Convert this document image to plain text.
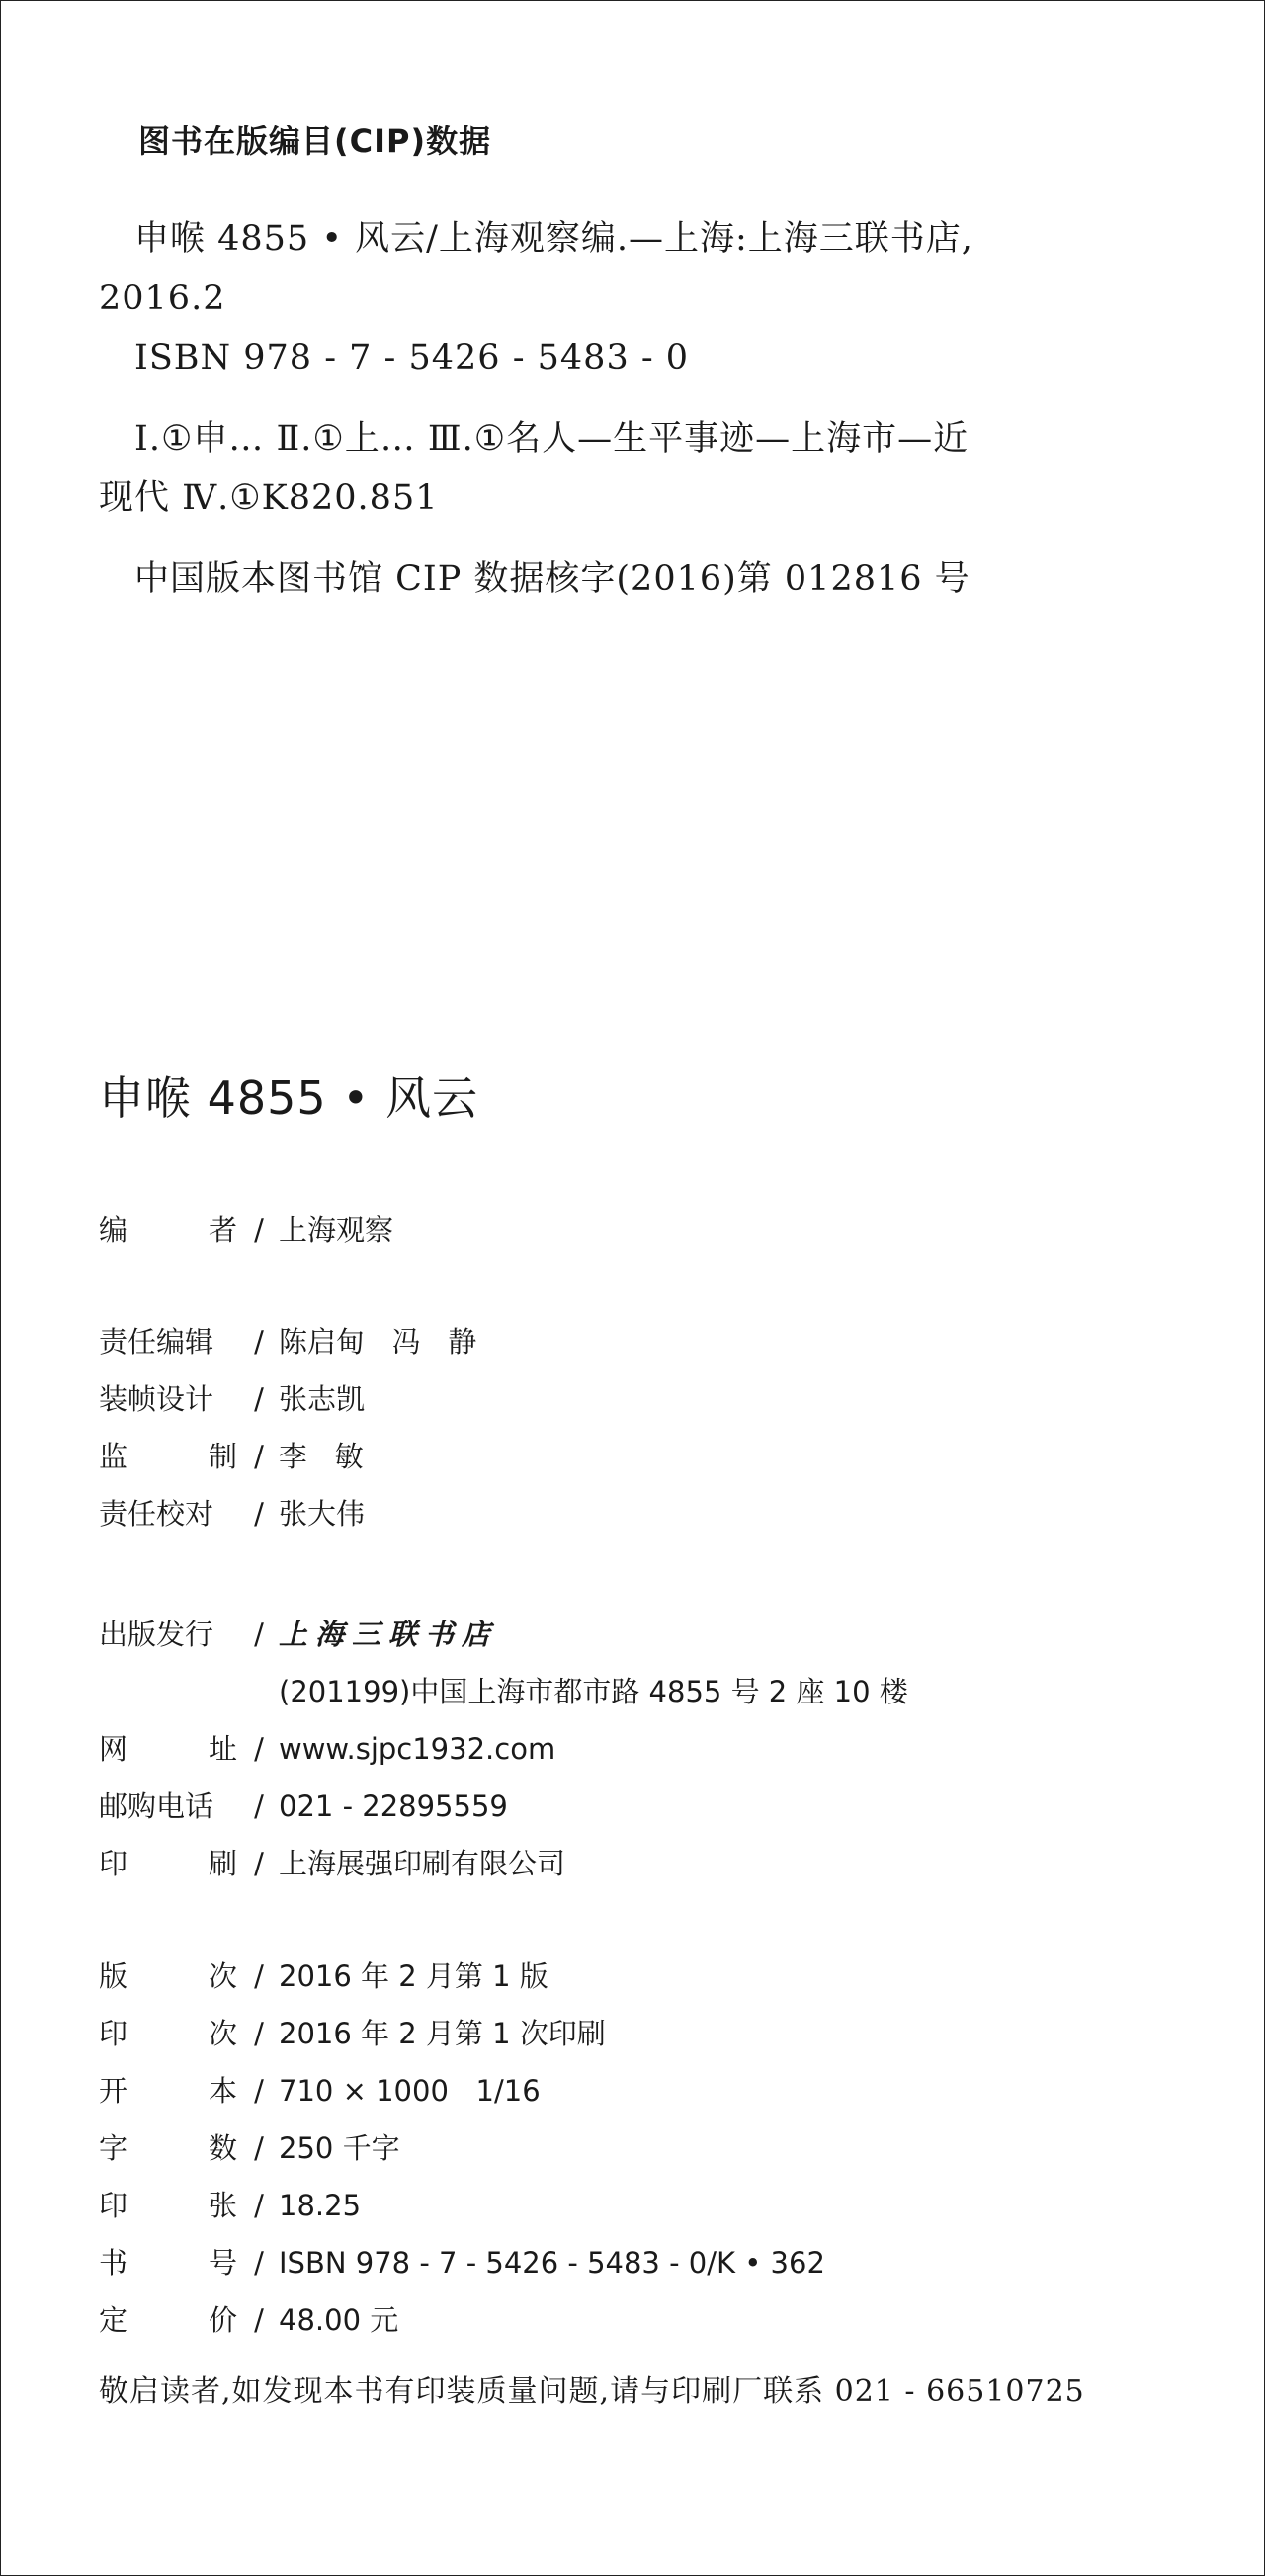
图书在版编目(CIP)数据
申喉 4855 • 风云/上海观察编.—上海:上海三联书店,
2016.2
ISBN 978 - 7 - 5426 - 5483 - 0
Ⅰ.①申… Ⅱ.①上… Ⅲ.①名人—生平事迹—上海市—近
现代 Ⅳ.①K820.851
中国版本图书馆 CIP 数据核字(2016)第 012816 号
申喉 4855 • 风云
编	者 / 上海观察
责任编辑	/ 陈启甸   冯   静
装帧设计	/ 张志凯
监	制 / 李   敏
责任校对	/ 张大伟
出版发行	/ 上海三联书店
(201199)中国上海市都市路 4855 号 2 座 10 楼
网	址 / www.sjpc1932.com
邮购电话	/ 021 - 22895559
印	刷 / 上海展强印刷有限公司
版	次 / 2016 年 2 月第 1 版
印	次 / 2016 年 2 月第 1 次印刷
开	本 / 710 × 1000   1/16
字	数 / 250 千字
印	张 / 18.25
书	号 / ISBN 978 - 7 - 5426 - 5483 - 0/K • 362
定	价 / 48.00 元
敬启读者,如发现本书有印装质量问题,请与印刷厂联系 021 - 66510725
